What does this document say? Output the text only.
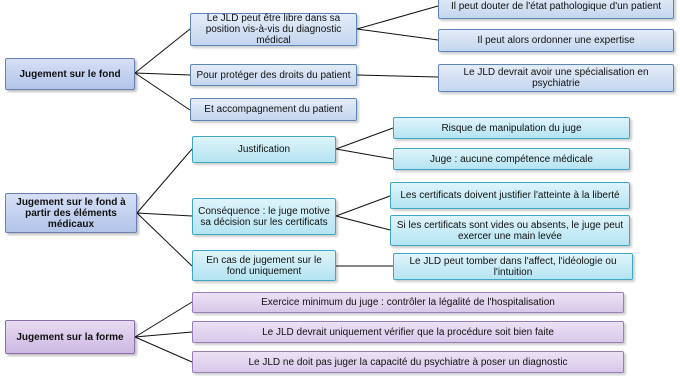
Jugement sur le fond
Le JLD peut être libre dans sa position vis-à-vis du diagnostic médical
Il peut douter de l'état pathologique d'un patient
Il peut alors ordonner une expertise
Pour protéger des droits du patient	Le JLD devrait avoir une spécialisation en psychiatrie
Et accompagnement du patient
Jugement sur le fond à partir des éléments médicaux
Justification
Risque de manipulation du juge
Juge : aucune compétence médicale
Conséquence : le juge motive sa décision sur les certificats
Les certificats doivent justifier l'atteinte à la liberté
Si les certificats sont vides ou absents, le juge peut exercer une main levée
En cas de jugement sur le fond uniquement
Le JLD peut tomber dans l'affect, l'idéologie ou l'intuition
Jugement sur la forme
Exercice minimum du juge : contrôler la légalité de l'hospitalisation
Le JLD devrait uniquement vérifier que la procédure soit bien faite
Le JLD ne doit pas juger la capacité du psychiatre à poser un diagnostic
